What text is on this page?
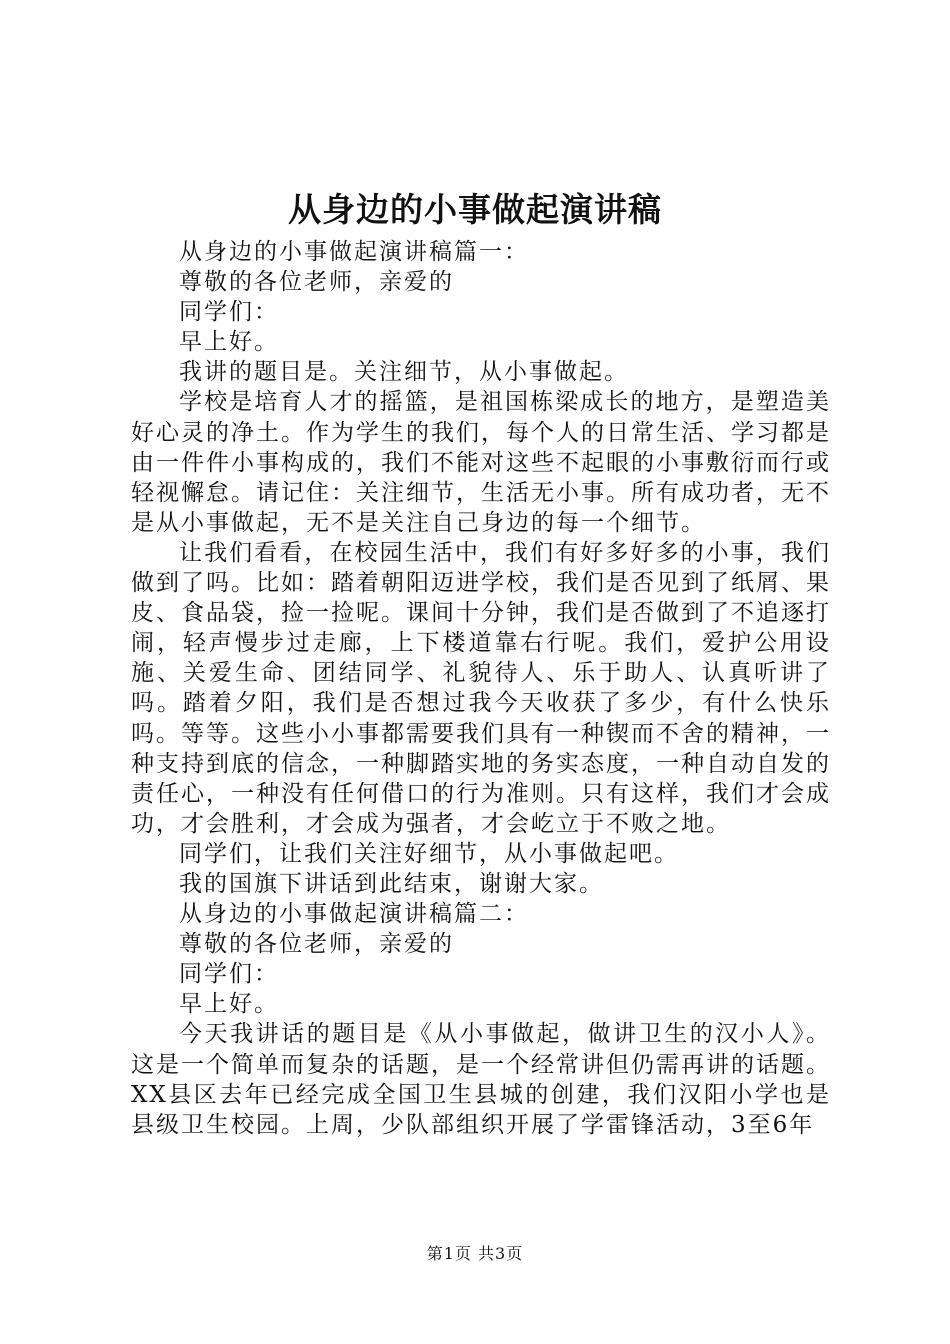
从身边的小事做起演讲稿

从身边的小事做起演讲稿篇一：

尊敬的各位老师，亲爱的

同学们：

早上好。

我讲的题目是。关注细节，从小事做起。

学校是培育人才的摇篮，是祖国栋梁成长的地方，是塑造美好心灵的净土。作为学生的我们，每个人的日常生活、学习都是由一件件小事构成的，我们不能对这些不起眼的小事敷衍而行或轻视懈怠。请记住：关注细节，生活无小事。所有成功者，无不是从小事做起，无不是关注自己身边的每一个细节。

让我们看看，在校园生活中，我们有好多好多的小事，我们做到了吗。比如：踏着朝阳迈进学校，我们是否见到了纸屑、果皮、食品袋，捡一捡呢。课间十分钟，我们是否做到了不追逐打闹，轻声慢步过走廊，上下楼道靠右行呢。我们，爱护公用设施、关爱生命、团结同学、礼貌待人、乐于助人、认真听讲了吗。踏着夕阳，我们是否想过我今天收获了多少，有什么快乐吗。等等。这些小小事都需要我们具有一种锲而不舍的精神，一种支持到底的信念，一种脚踏实地的务实态度，一种自动自发的责任心，一种没有任何借口的行为准则。只有这样，我们才会成功，才会胜利，才会成为强者，才会屹立于不败之地。

同学们，让我们关注好细节，从小事做起吧。

我的国旗下讲话到此结束，谢谢大家。

从身边的小事做起演讲稿篇二：

尊敬的各位老师，亲爱的

同学们：

早上好。

今天我讲话的题目是《从小事做起，做讲卫生的汉小人》。这是一个简单而复杂的话题，是一个经常讲但仍需再讲的话题。XX县区去年已经完成全国卫生县城的创建，我们汉阳小学也是县级卫生校园。上周，少队部组织开展了学雷锋活动，3至6年

第1页 共3页
